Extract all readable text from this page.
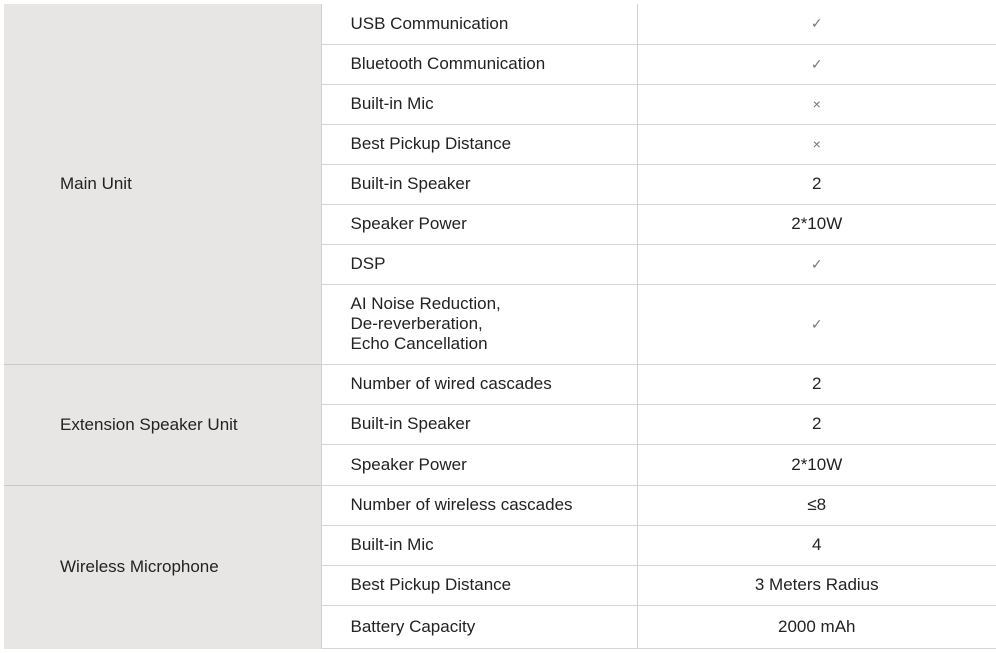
Main Unit	USB Communication	✓
	Bluetooth Communication	✓
	Built-in Mic	×
	Best Pickup Distance	×
	Built-in Speaker	2
	Speaker Power	2*10W
	DSP	✓

	AI Noise Reduction,
De-reverberation,
Echo Cancellation	✓
Extension Speaker Unit	Number of wired cascades	2
	Built-in Speaker	2
	Speaker Power	2*10W
Wireless Microphone	Number of wireless cascades	≤8
	Built-in Mic	4
	Best Pickup Distance	3 Meters Radius
	Battery Capacity	2000 mAh
